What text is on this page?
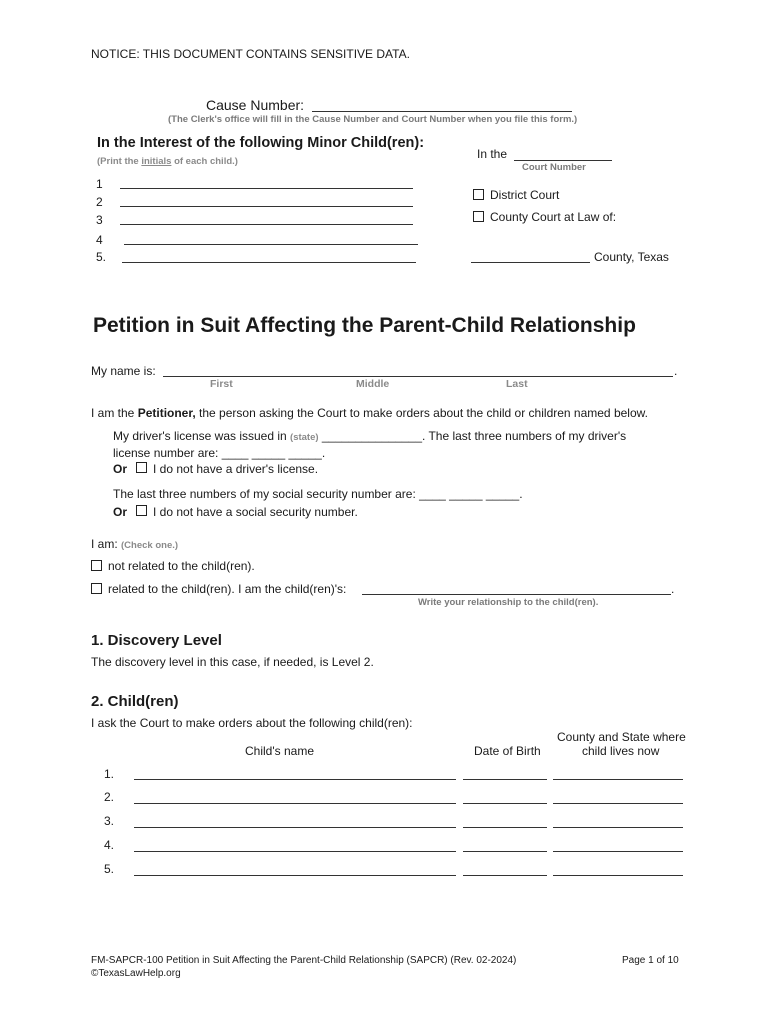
NOTICE: THIS DOCUMENT CONTAINS SENSITIVE DATA.
Cause Number:
(The Clerk's office will fill in the Cause Number and Court Number when you file this form.)
In the Interest of the following Minor Child(ren):
(Print the initials of each child.)
1
2
3
4
5.
In the
Court Number
District Court
County Court at Law of:
County, Texas
Petition in Suit Affecting the Parent-Child Relationship
My name is:	.
First	Middle	Last
I am the Petitioner, the person asking the Court to make orders about the child or children named below.
My driver's license was issued in (state) _______________. The last three numbers of my driver's
license number are: ____ _____ _____.
Or I do not have a driver's license.
The last three numbers of my social security number are: ____ _____ _____.
Or I do not have a social security number.
I am: (Check one.)
not related to the child(ren).
related to the child(ren). I am the child(ren)'s:	.
Write your relationship to the child(ren).
1. Discovery Level
The discovery level in this case, if needed, is Level 2.
2. Child(ren)
I ask the Court to make orders about the following child(ren):
Child's name	Date of Birth
County and State where
child lives now
1.
2.
3.
4.
5.
FM-SAPCR-100 Petition in Suit Affecting the Parent-Child Relationship (SAPCR) (Rev. 02-2024)
©TexasLawHelp.org
Page 1 of 10
